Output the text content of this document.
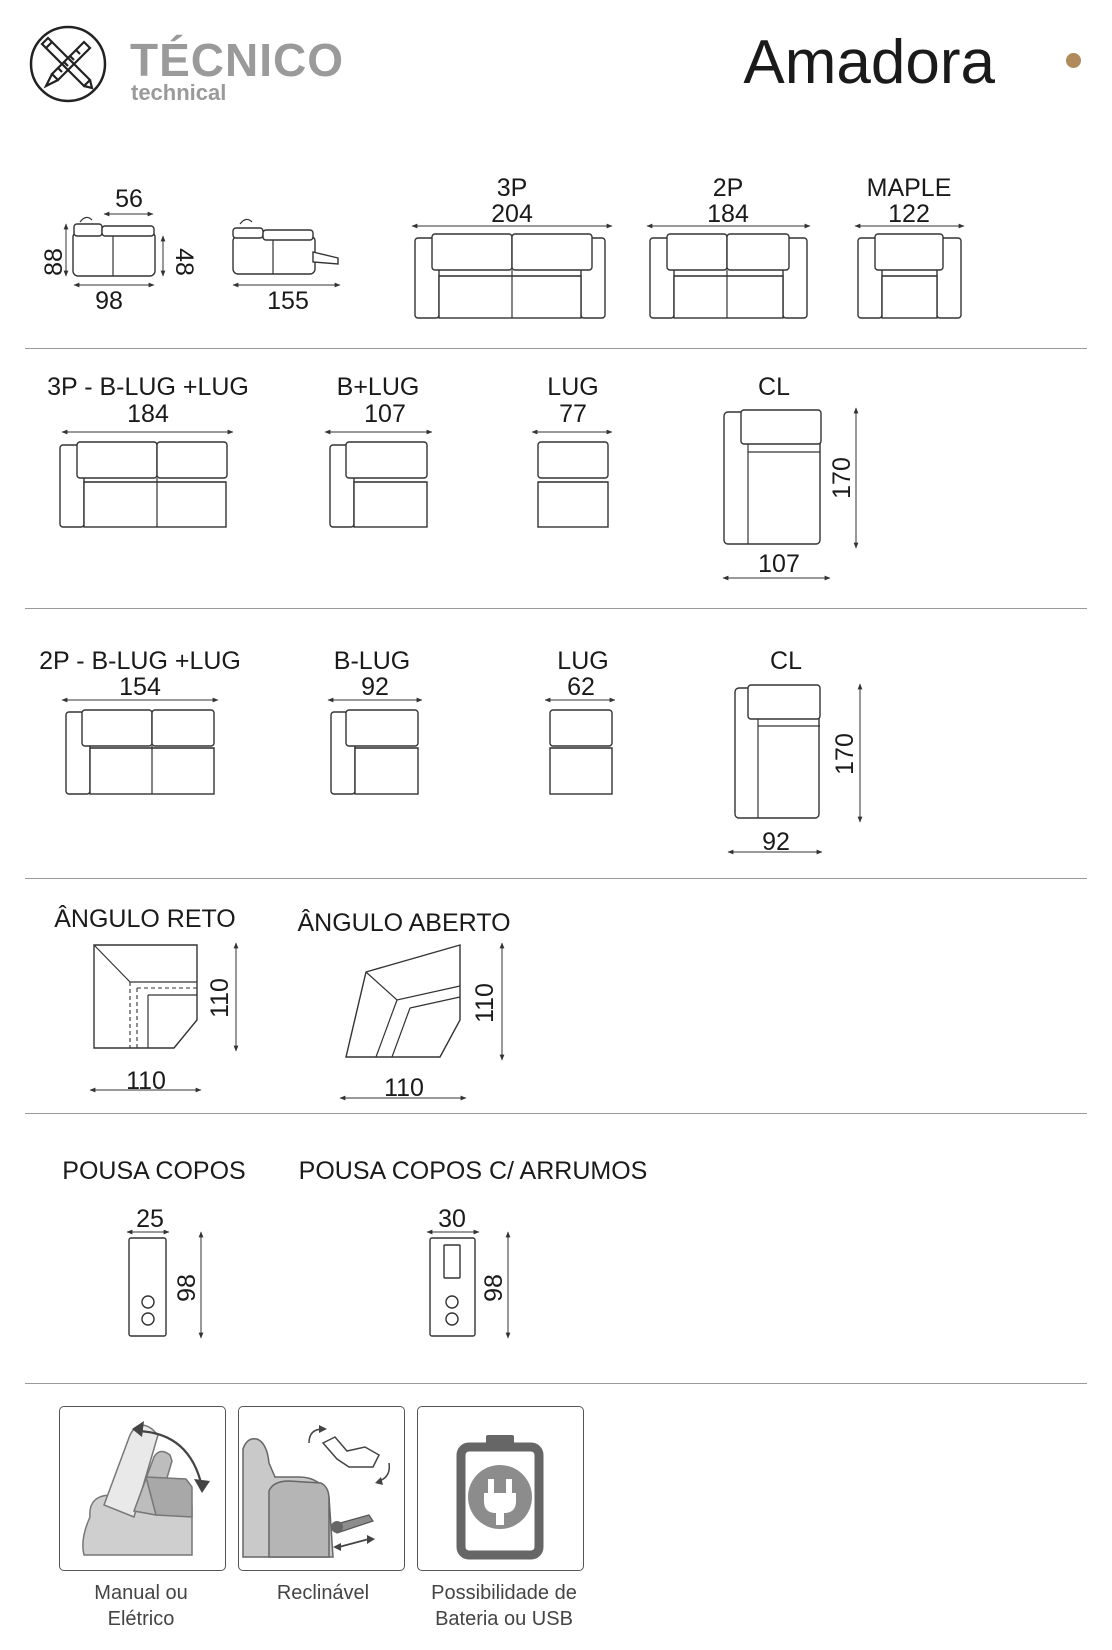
TÉCNICO
technical	Amadora
56
88	48
98	155
3P
204
2P
184
MAPLE
122
3P - B-LUG +LUG
184
B+LUG
107
LUG
77
CL
170
107
2P - B-LUG +LUG
154
B-LUG
92
LUG
62
CL
170
92
ÂNGULO RETO
110
110
ÂNGULO ABERTO
110
110
POUSA COPOS
25
98
POUSA COPOS C/ ARRUMOS
30
98
Manual ou
Elétrico
Reclinável	Possibilidade de
Bateria ou USB
